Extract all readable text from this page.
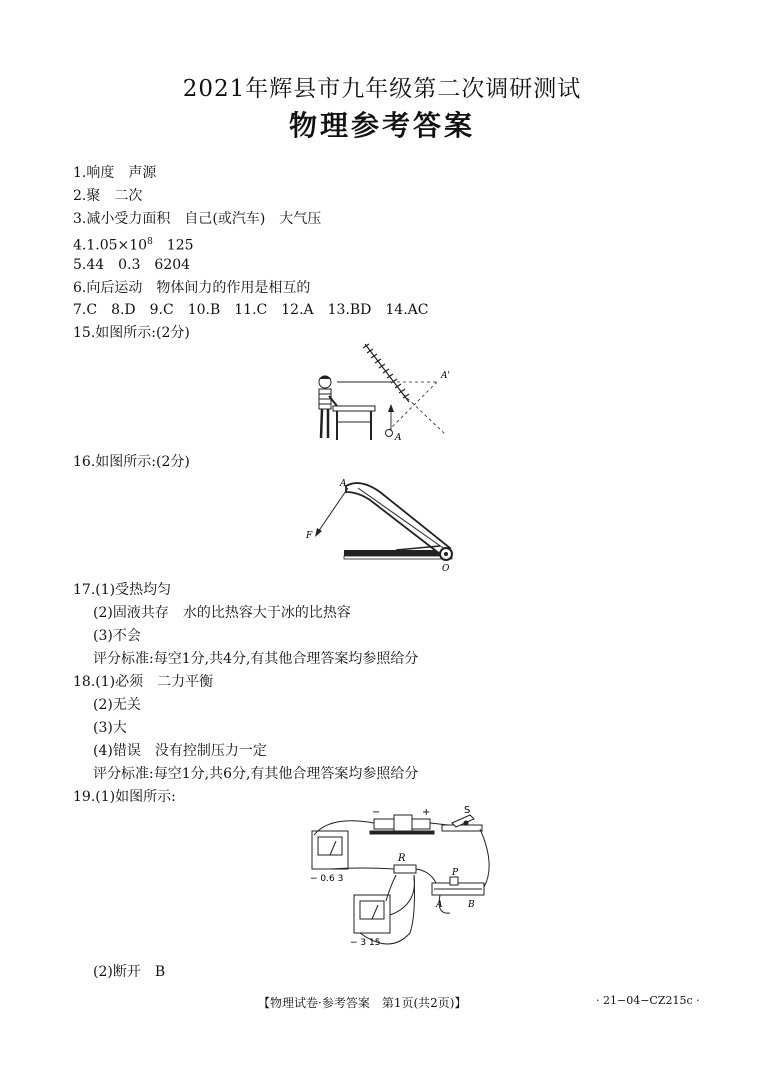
2021年辉县市九年级第二次调研测试
物理参考答案
1.响度　声源
2.聚　二次
3.减小受力面积　自己(或汽车)　大气压
$4.1.05\times 10^8$　125
5.44　0.3　6204
6.向后运动　物体间力的作用是相互的
7.C　8.D　9.C　10.B　11.C　12.A　13.BD　14.AC
15.如图所示:(2分)
A'
A
16.如图所示:(2分)
A
F
O
17.(1)受热均匀
(2)固液共存　水的比热容大于冰的比热容
(3)不会
评分标准:每空1分,共4分,有其他合理答案均参照给分
18.(1)必须　二力平衡
(2)无关
(3)大
(4)错误　没有控制压力一定
评分标准:每空1分,共6分,有其他合理答案均参照给分
19.(1)如图所示:
−	+	S
R
P
A	B
− 0.6 3
− 3 15
(2)断开　B
【物理试卷·参考答案　第1页(共2页)】	· 21−04−CZ215c ·
